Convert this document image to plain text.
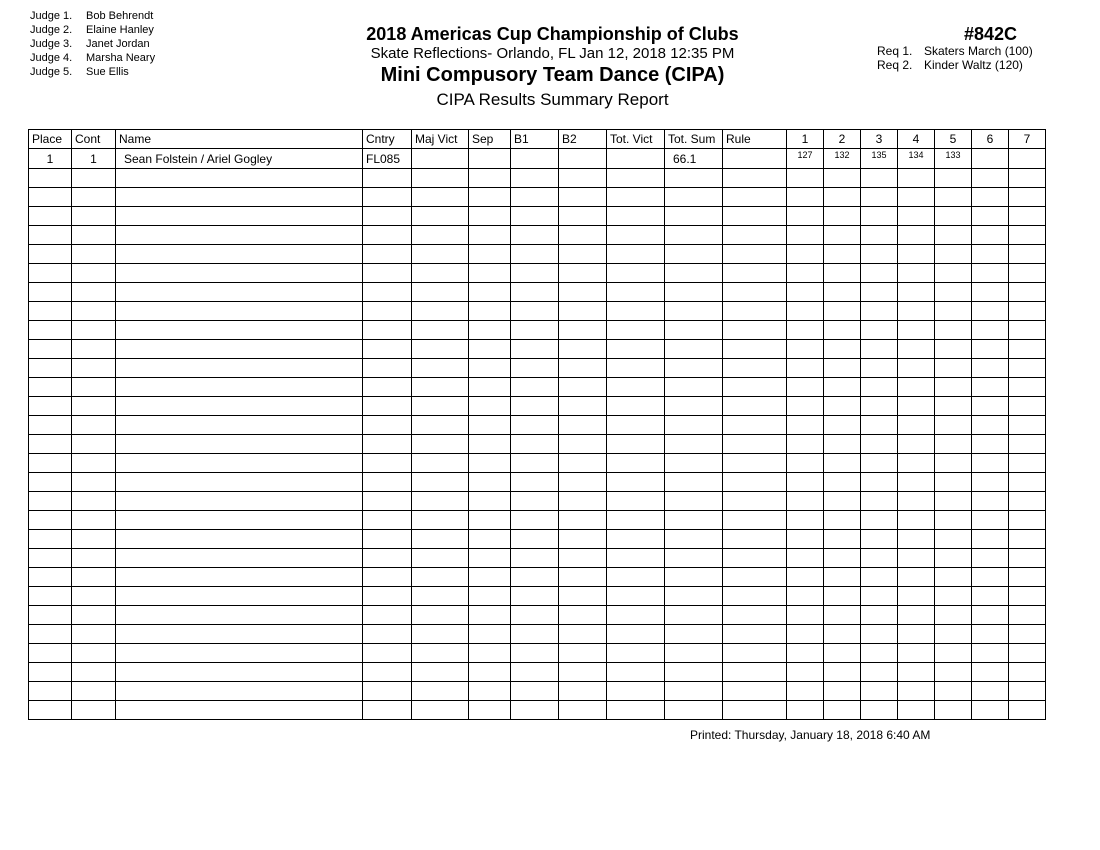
Judge 1. Bob Behrendt
Judge 2. Elaine Hanley
Judge 3. Janet Jordan
Judge 4. Marsha Neary
Judge 5. Sue Ellis
2018 Americas Cup Championship of Clubs
Skate Reflections- Orlando, FL Jan 12, 2018 12:35 PM
Mini Compusory Team Dance (CIPA)
CIPA Results Summary Report
#842C
Req 1. Skaters March (100)
Req 2. Kinder Waltz (120)
Place	Cont	Name	Cntry	Maj Vict	Sep	B1	B2	Tot. Vict	Tot. Sum	Rule	1	2	3	4	5	6	7
1	1	Sean Folstein / Ariel Gogley	FL085						66.1		127	132	135	134	133		

Printed: Thursday, January 18, 2018 6:40 AM
